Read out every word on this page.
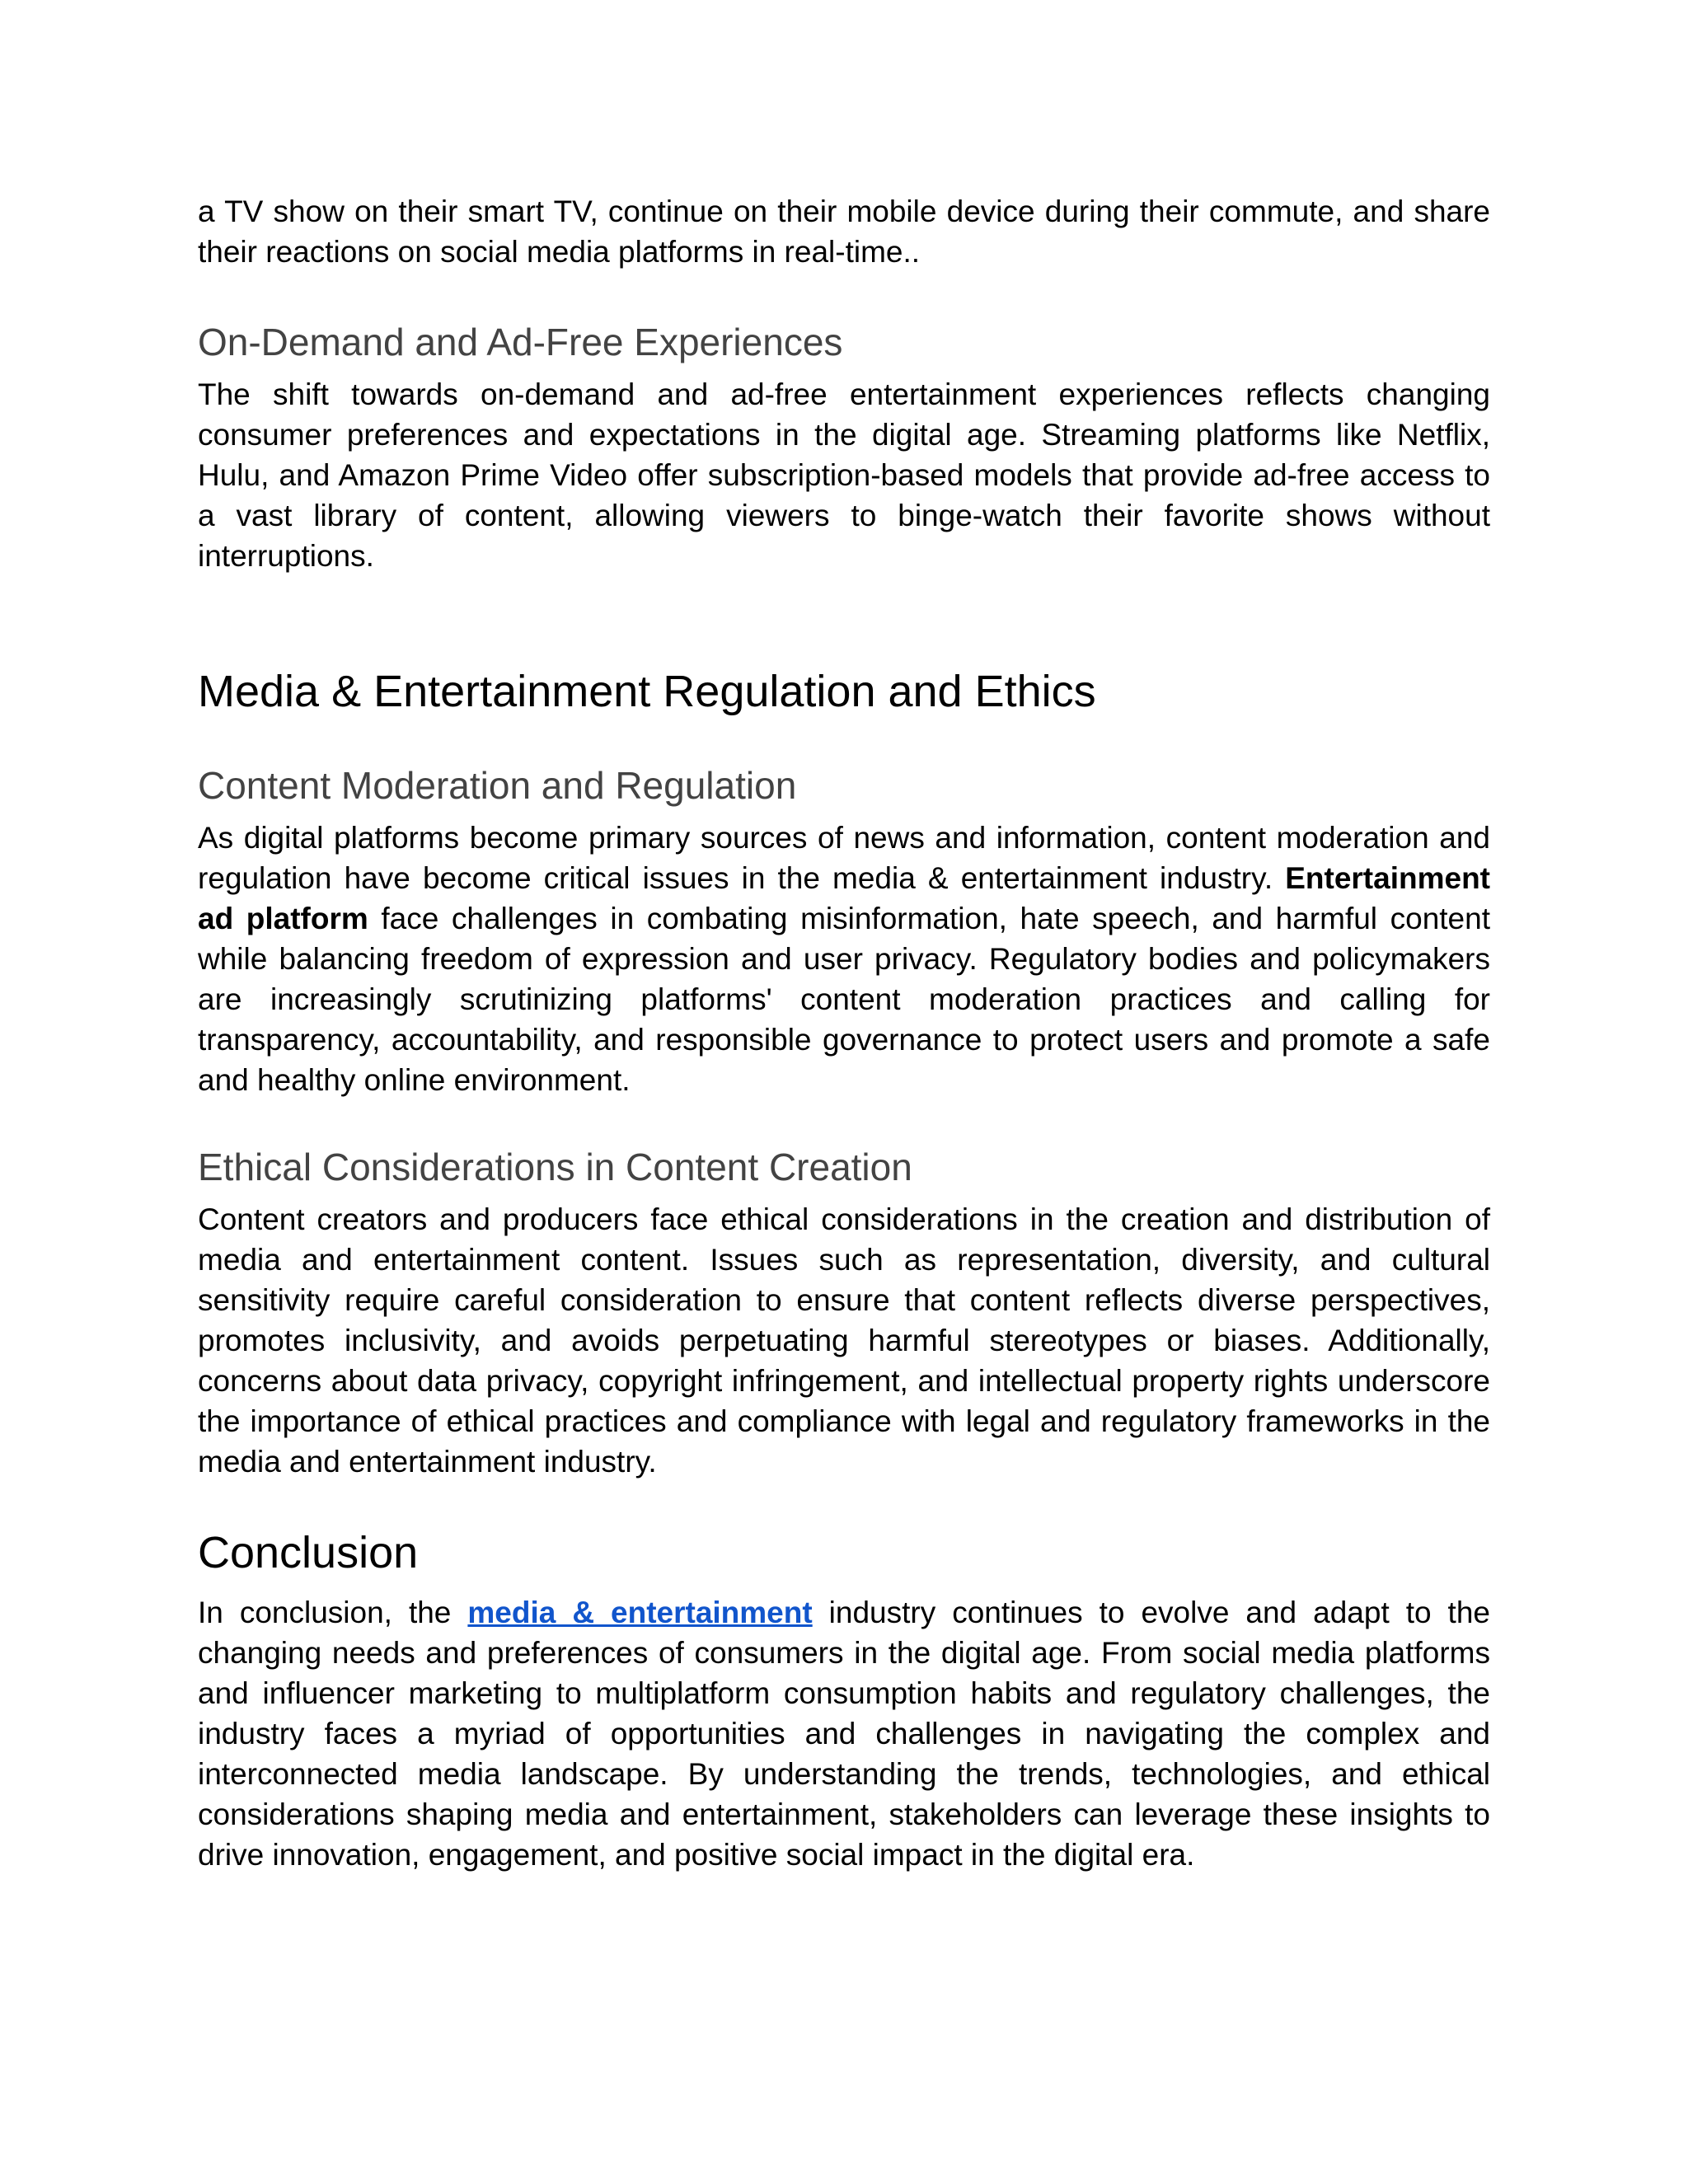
a TV show on their smart TV, continue on their mobile device during their commute, and share their reactions on social media platforms in real-time..

On-Demand and Ad-Free Experiences

The shift towards on-demand and ad-free entertainment experiences reflects changing consumer preferences and expectations in the digital age. Streaming platforms like Netflix, Hulu, and Amazon Prime Video offer subscription-based models that provide ad-free access to a vast library of content, allowing viewers to binge-watch their favorite shows without interruptions.

Media & Entertainment Regulation and Ethics
Content Moderation and Regulation

As digital platforms become primary sources of news and information, content moderation and regulation have become critical issues in the media & entertainment industry. Entertainment ad platform face challenges in combating misinformation, hate speech, and harmful content while balancing freedom of expression and user privacy. Regulatory bodies and policymakers are increasingly scrutinizing platforms' content moderation practices and calling for transparency, accountability, and responsible governance to protect users and promote a safe and healthy online environment.

Ethical Considerations in Content Creation

Content creators and producers face ethical considerations in the creation and distribution of media and entertainment content. Issues such as representation, diversity, and cultural sensitivity require careful consideration to ensure that content reflects diverse perspectives, promotes inclusivity, and avoids perpetuating harmful stereotypes or biases. Additionally, concerns about data privacy, copyright infringement, and intellectual property rights underscore the importance of ethical practices and compliance with legal and regulatory frameworks in the media and entertainment industry.

Conclusion

In conclusion, the media & entertainment industry continues to evolve and adapt to the changing needs and preferences of consumers in the digital age. From social media platforms and influencer marketing to multiplatform consumption habits and regulatory challenges, the industry faces a myriad of opportunities and challenges in navigating the complex and interconnected media landscape. By understanding the trends, technologies, and ethical considerations shaping media and entertainment, stakeholders can leverage these insights to drive innovation, engagement, and positive social impact in the digital era.
